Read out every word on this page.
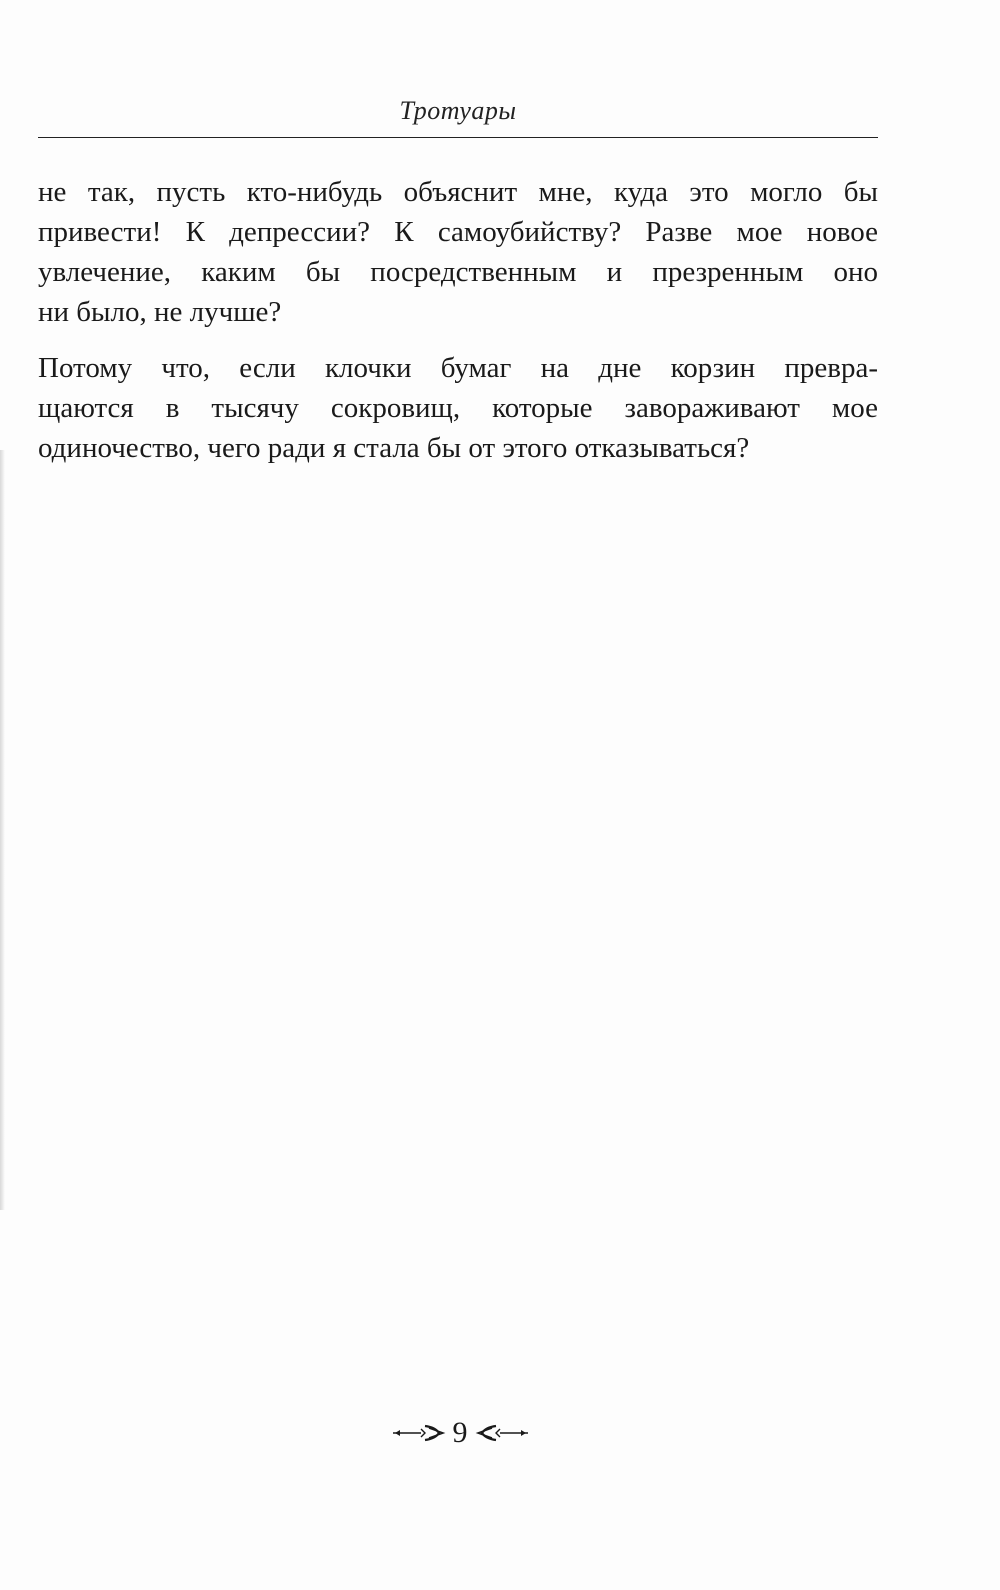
Тротуары

не так, пусть кто-нибудь объяснит мне, куда это могло бы
привести! К депрессии? К самоубийству? Разве мое новое
увлечение, каким бы посредственным и презренным оно
ни было, не лучше?

Потому что, если клочки бумаг на дне корзин превра-
щаются в тысячу сокровищ, которые завораживают мое
одиночество, чего ради я стала бы от этого отказываться?

9
